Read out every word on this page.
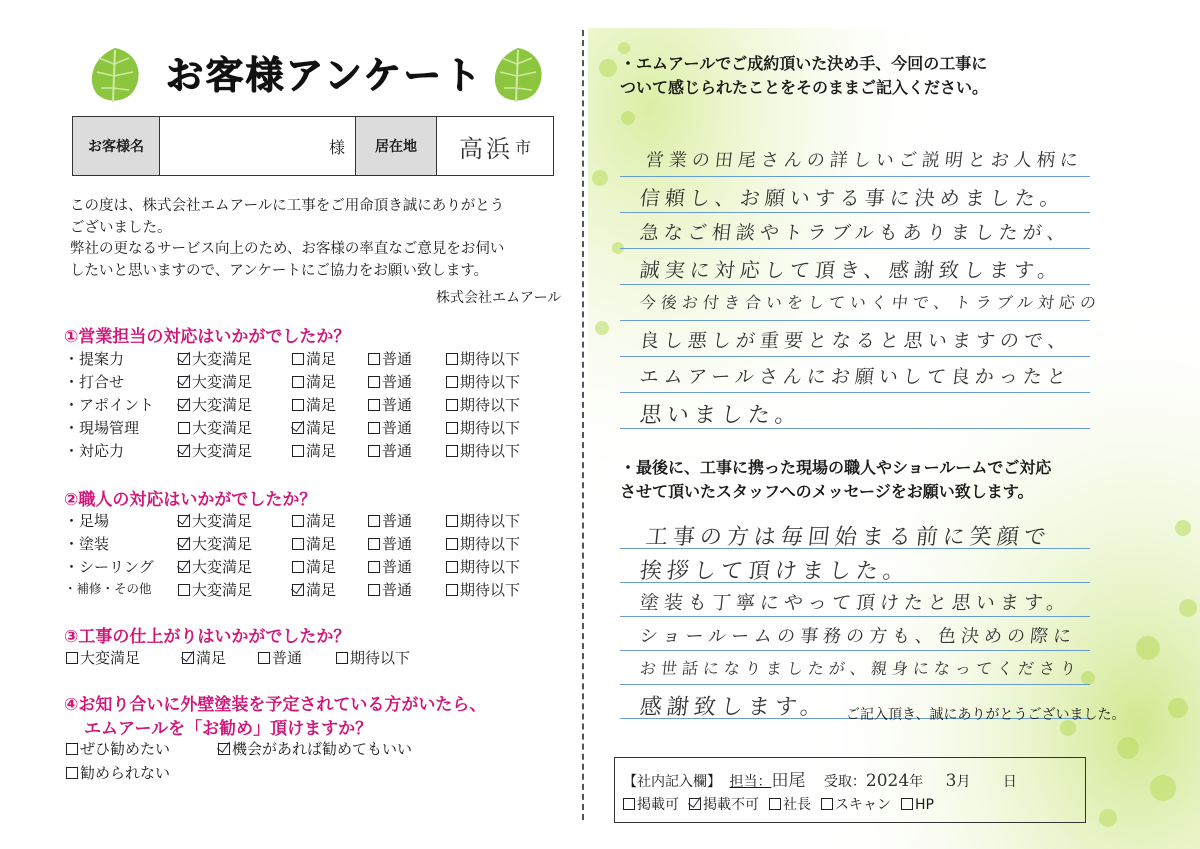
お客様アンケート
お客様名	様	居在地	高浜 市
この度は、株式会社エムアールに工事をご用命頂き誠にありがとう
ございました。
弊社の更なるサービス向上のため、お客様の率直なご意見をお伺い
したいと思いますので、アンケートにご協力をお願い致します。
株式会社エムアール
①営業担当の対応はいかがでしたか？
・提案力	大変満足	満足	普通	期待以下
・打合せ	大変満足	満足	普通	期待以下
・アポイント	大変満足	満足	普通	期待以下
・現場管理	大変満足	満足	普通	期待以下
・対応力	大変満足	満足	普通	期待以下
②職人の対応はいかがでしたか？
・足場	大変満足	満足	普通	期待以下
・塗装	大変満足	満足	普通	期待以下
・シーリング	大変満足	満足	普通	期待以下
・補修・その他	大変満足	満足	普通	期待以下
③工事の仕上がりはいかがでしたか？
大変満足	満足	普通	期待以下
④お知り合いに外壁塗装を予定されている方がいたら、
エムアールを「お勧め」頂けますか？
ぜひ勧めたい	機会があれば勧めてもいい
勧められない
・エムアールでご成約頂いた決め手、今回の工事に
ついて感じられたことをそのままご記入ください。
営業の田尾さんの詳しいご説明とお人柄に
信頼し、お願いする事に決めました。
急なご相談やトラブルもありましたが、
誠実に対応して頂き、感謝致します。
今後お付き合いをしていく中で、トラブル対応の
良し悪しが重要となると思いますので、
エムアールさんにお願いして良かったと
思いました。
・最後に、工事に携った現場の職人やショールームでご対応
させて頂いたスタッフへのメッセージをお願い致します。
工事の方は毎回始まる前に笑顔で
挨拶して頂けました。
塗装も丁寧にやって頂けたと思います。
ショールームの事務の方も、色決めの際に
お世話になりましたが、親身になってくださり
感謝致します。 ご記入頂き、誠にありがとうございました。
【社内記入欄】 担当：田尾 受取：2024年 3月 日
掲載可 掲載不可 社長 スキャン HP
